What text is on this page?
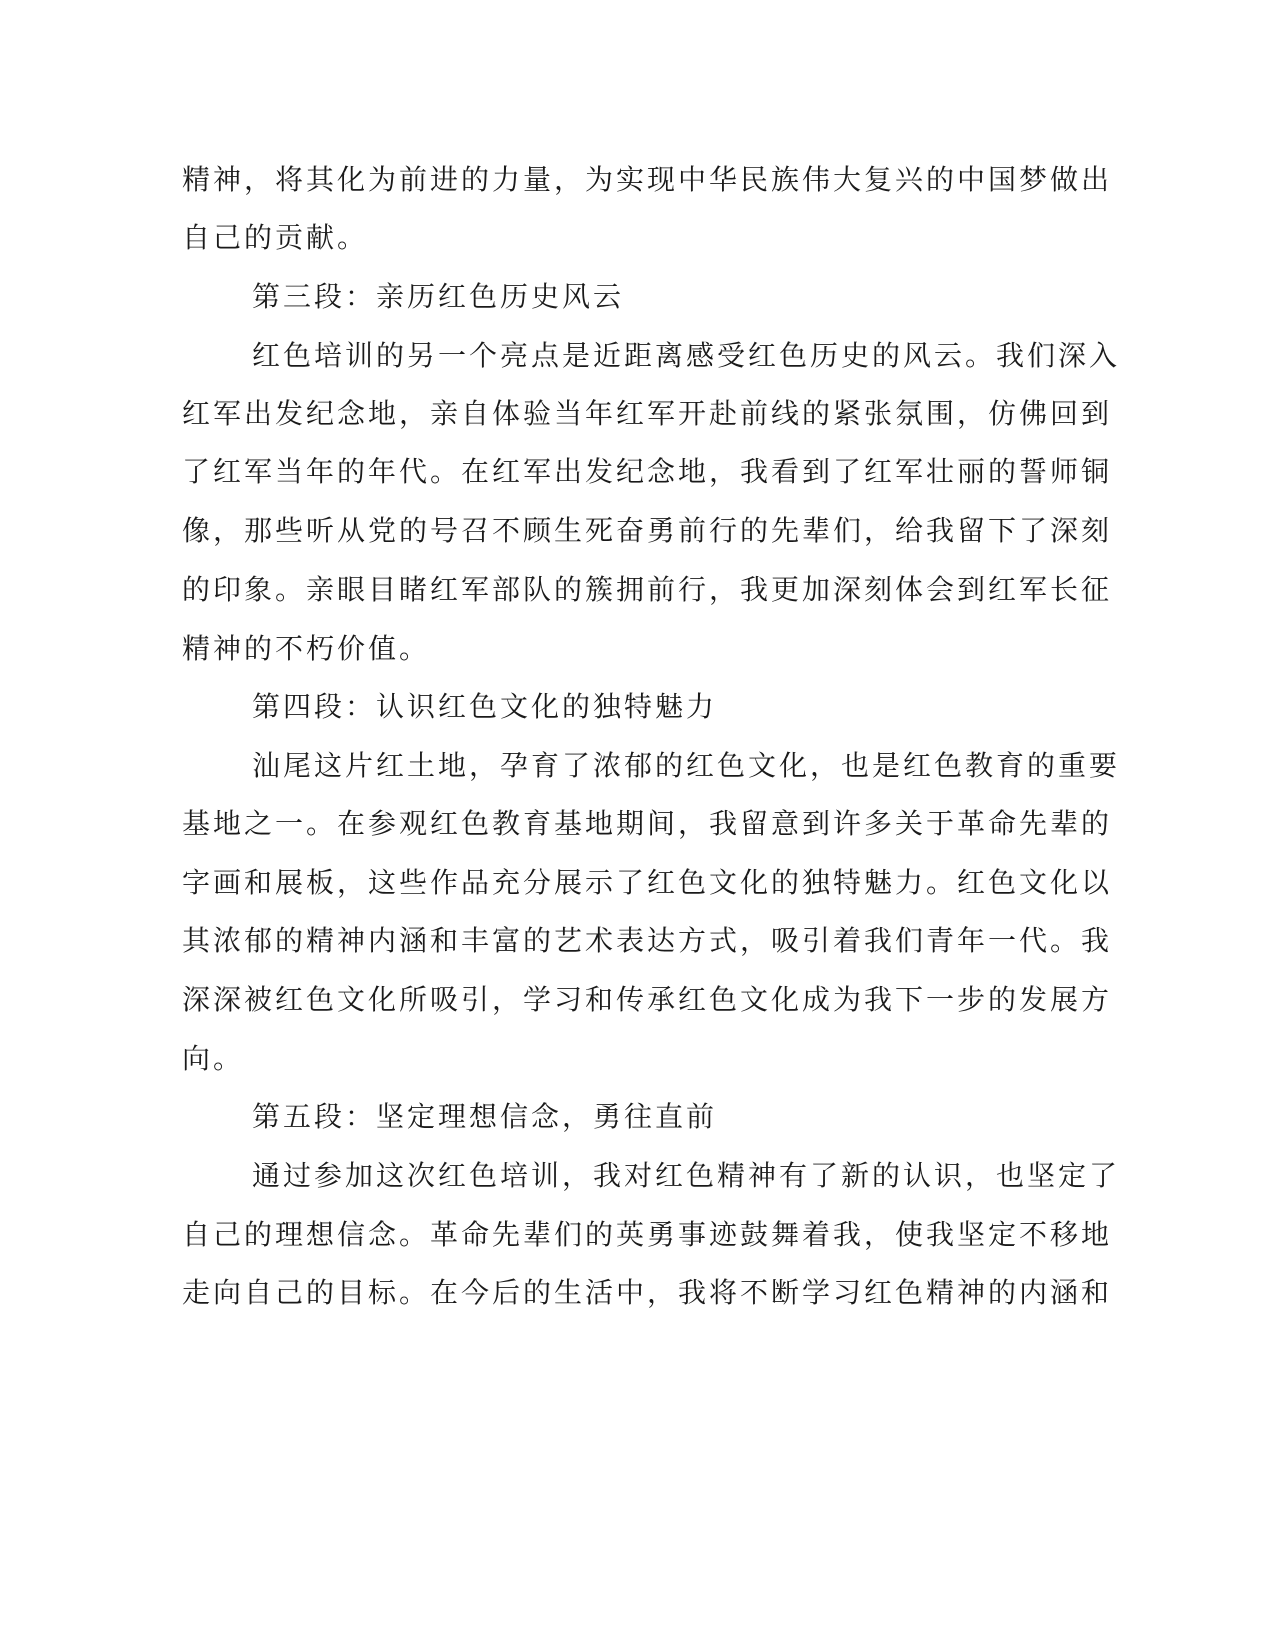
精神，将其化为前进的力量，为实现中华民族伟大复兴的中国梦做出
自己的贡献。
第三段：亲历红色历史风云
红色培训的另一个亮点是近距离感受红色历史的风云。我们深入
红军出发纪念地，亲自体验当年红军开赴前线的紧张氛围，仿佛回到
了红军当年的年代。在红军出发纪念地，我看到了红军壮丽的誓师铜
像，那些听从党的号召不顾生死奋勇前行的先辈们，给我留下了深刻
的印象。亲眼目睹红军部队的簇拥前行，我更加深刻体会到红军长征
精神的不朽价值。
第四段：认识红色文化的独特魅力
汕尾这片红土地，孕育了浓郁的红色文化，也是红色教育的重要
基地之一。在参观红色教育基地期间，我留意到许多关于革命先辈的
字画和展板，这些作品充分展示了红色文化的独特魅力。红色文化以
其浓郁的精神内涵和丰富的艺术表达方式，吸引着我们青年一代。我
深深被红色文化所吸引，学习和传承红色文化成为我下一步的发展方
向。
第五段：坚定理想信念，勇往直前
通过参加这次红色培训，我对红色精神有了新的认识，也坚定了
自己的理想信念。革命先辈们的英勇事迹鼓舞着我，使我坚定不移地
走向自己的目标。在今后的生活中，我将不断学习红色精神的内涵和
